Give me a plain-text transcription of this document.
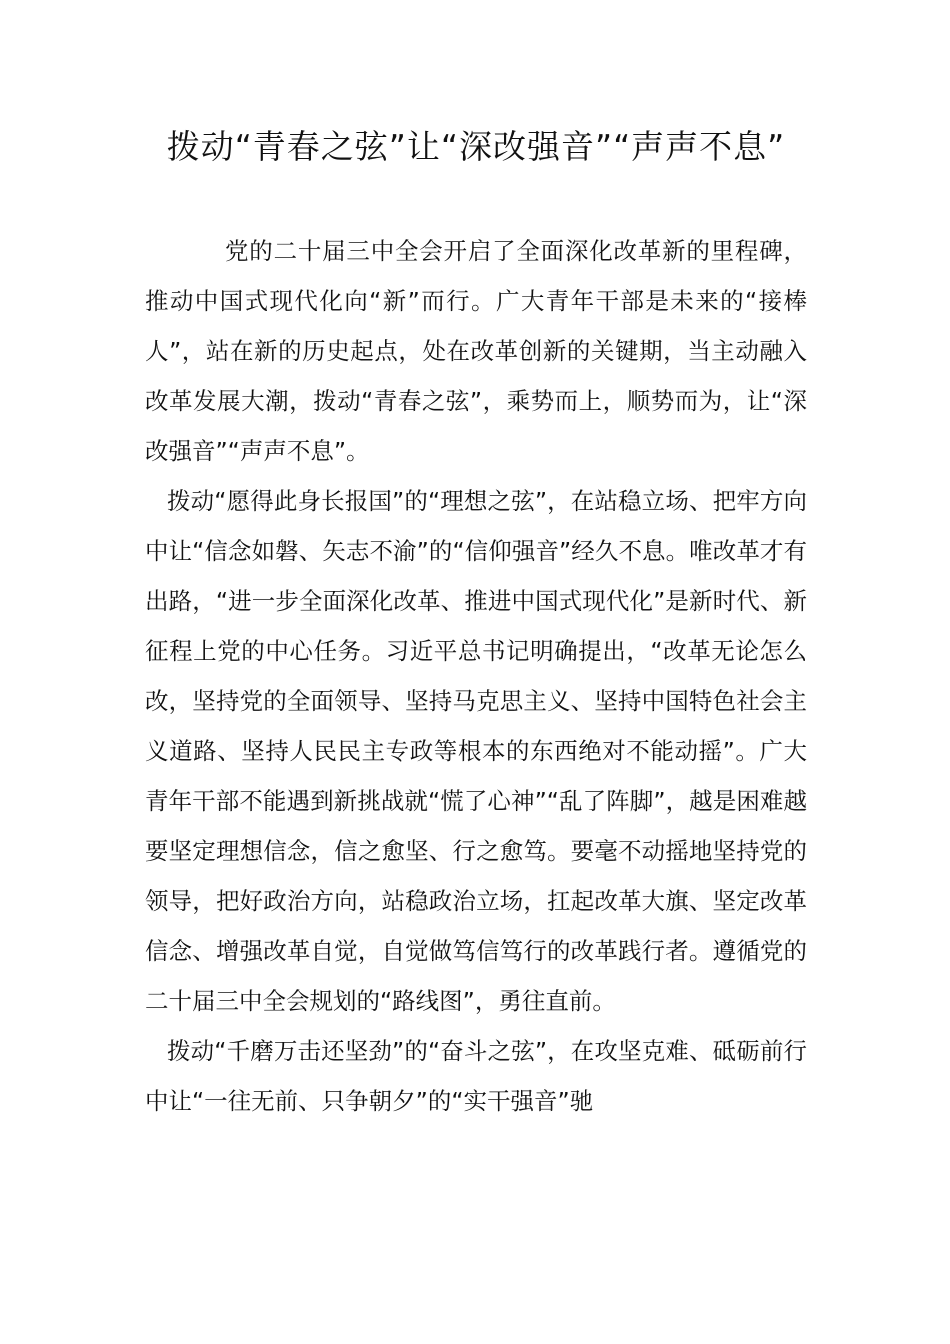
拨动“青春之弦”让“深改强音”“声声不息”

党的二十届三中全会开启了全面深化改革新的里程碑，推动中国式现代化向“新”而行。广大青年干部是未来的“接棒人”，站在新的历史起点，处在改革创新的关键期，当主动融入改革发展大潮，拨动“青春之弦”，乘势而上，顺势而为，让“深改强音”“声声不息”。

拨动“愿得此身长报国”的“理想之弦”，在站稳立场、把牢方向中让“信念如磐、矢志不渝”的“信仰强音”经久不息。唯改革才有出路，“进一步全面深化改革、推进中国式现代化”是新时代、新征程上党的中心任务。习近平总书记明确提出，“改革无论怎么改，坚持党的全面领导、坚持马克思主义、坚持中国特色社会主义道路、坚持人民民主专政等根本的东西绝对不能动摇”。广大青年干部不能遇到新挑战就“慌了心神”“乱了阵脚”，越是困难越要坚定理想信念，信之愈坚、行之愈笃。要毫不动摇地坚持党的领导，把好政治方向，站稳政治立场，扛起改革大旗、坚定改革信念、增强改革自觉，自觉做笃信笃行的改革践行者。遵循党的二十届三中全会规划的“路线图”，勇往直前。

拨动“千磨万击还坚劲”的“奋斗之弦”，在攻坚克难、砥砺前行中让“一往无前、只争朝夕”的“实干强音”驰
